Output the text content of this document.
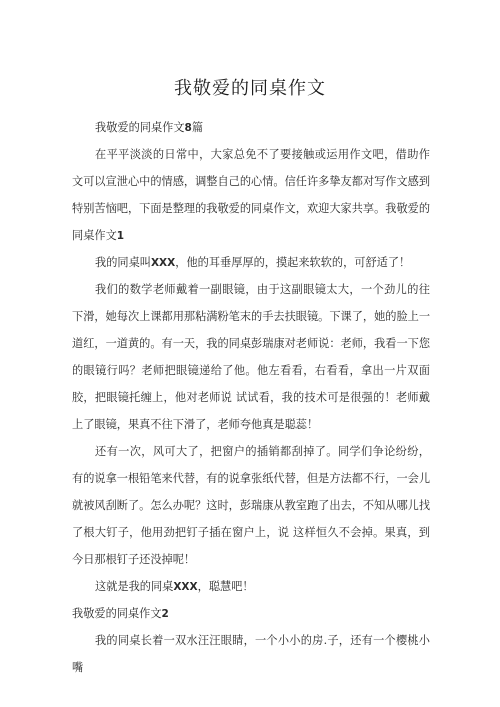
我敬爱的同桌作文

我敬爱的同桌作文8篇

在平平淡淡的日常中，大家总免不了要接触或运用作文吧，借助作文可以宣泄心中的情感，调整自己的心情。信任许多挚友都对写作文感到特别苦恼吧，下面是整理的我敬爱的同桌作文，欢迎大家共享。我敬爱的同桌作文1

我的同桌叫XXX，他的耳垂厚厚的，摸起来软软的，可舒适了！

我们的数学老师戴着一副眼镜，由于这副眼镜太大，一个劲儿的往下滑，她每次上课都用那粘满粉笔末的手去扶眼镜。下课了，她的脸上一道红，一道黄的。有一天，我的同桌彭瑞康对老师说：老师，我看一下您的眼镜行吗？老师把眼镜递给了他。他左看看，右看看，拿出一片双面胶，把眼镜托缠上，他对老师说 试试看，我的技术可是很强的！老师戴上了眼镜，果真不往下滑了，老师夸他真是聪蕊！

还有一次，风可大了，把窗户的插销都刮掉了。同学们争论纷纷，有的说拿一根铅笔来代替，有的说拿张纸代替，但是方法都不行，一会儿就被风刮断了。怎么办呢？这时，彭瑞康从教室跑了出去，不知从哪儿找了根大钉子，他用劲把钉子插在窗户上，说 这样恒久不会掉。果真，到今日那根钉子还没掉呢！

这就是我的同桌XXX，聪慧吧！

我敬爱的同桌作文2

我的同桌长着一双水汪汪眼睛，一个小小的房.子，还有一个樱桃小嘴
